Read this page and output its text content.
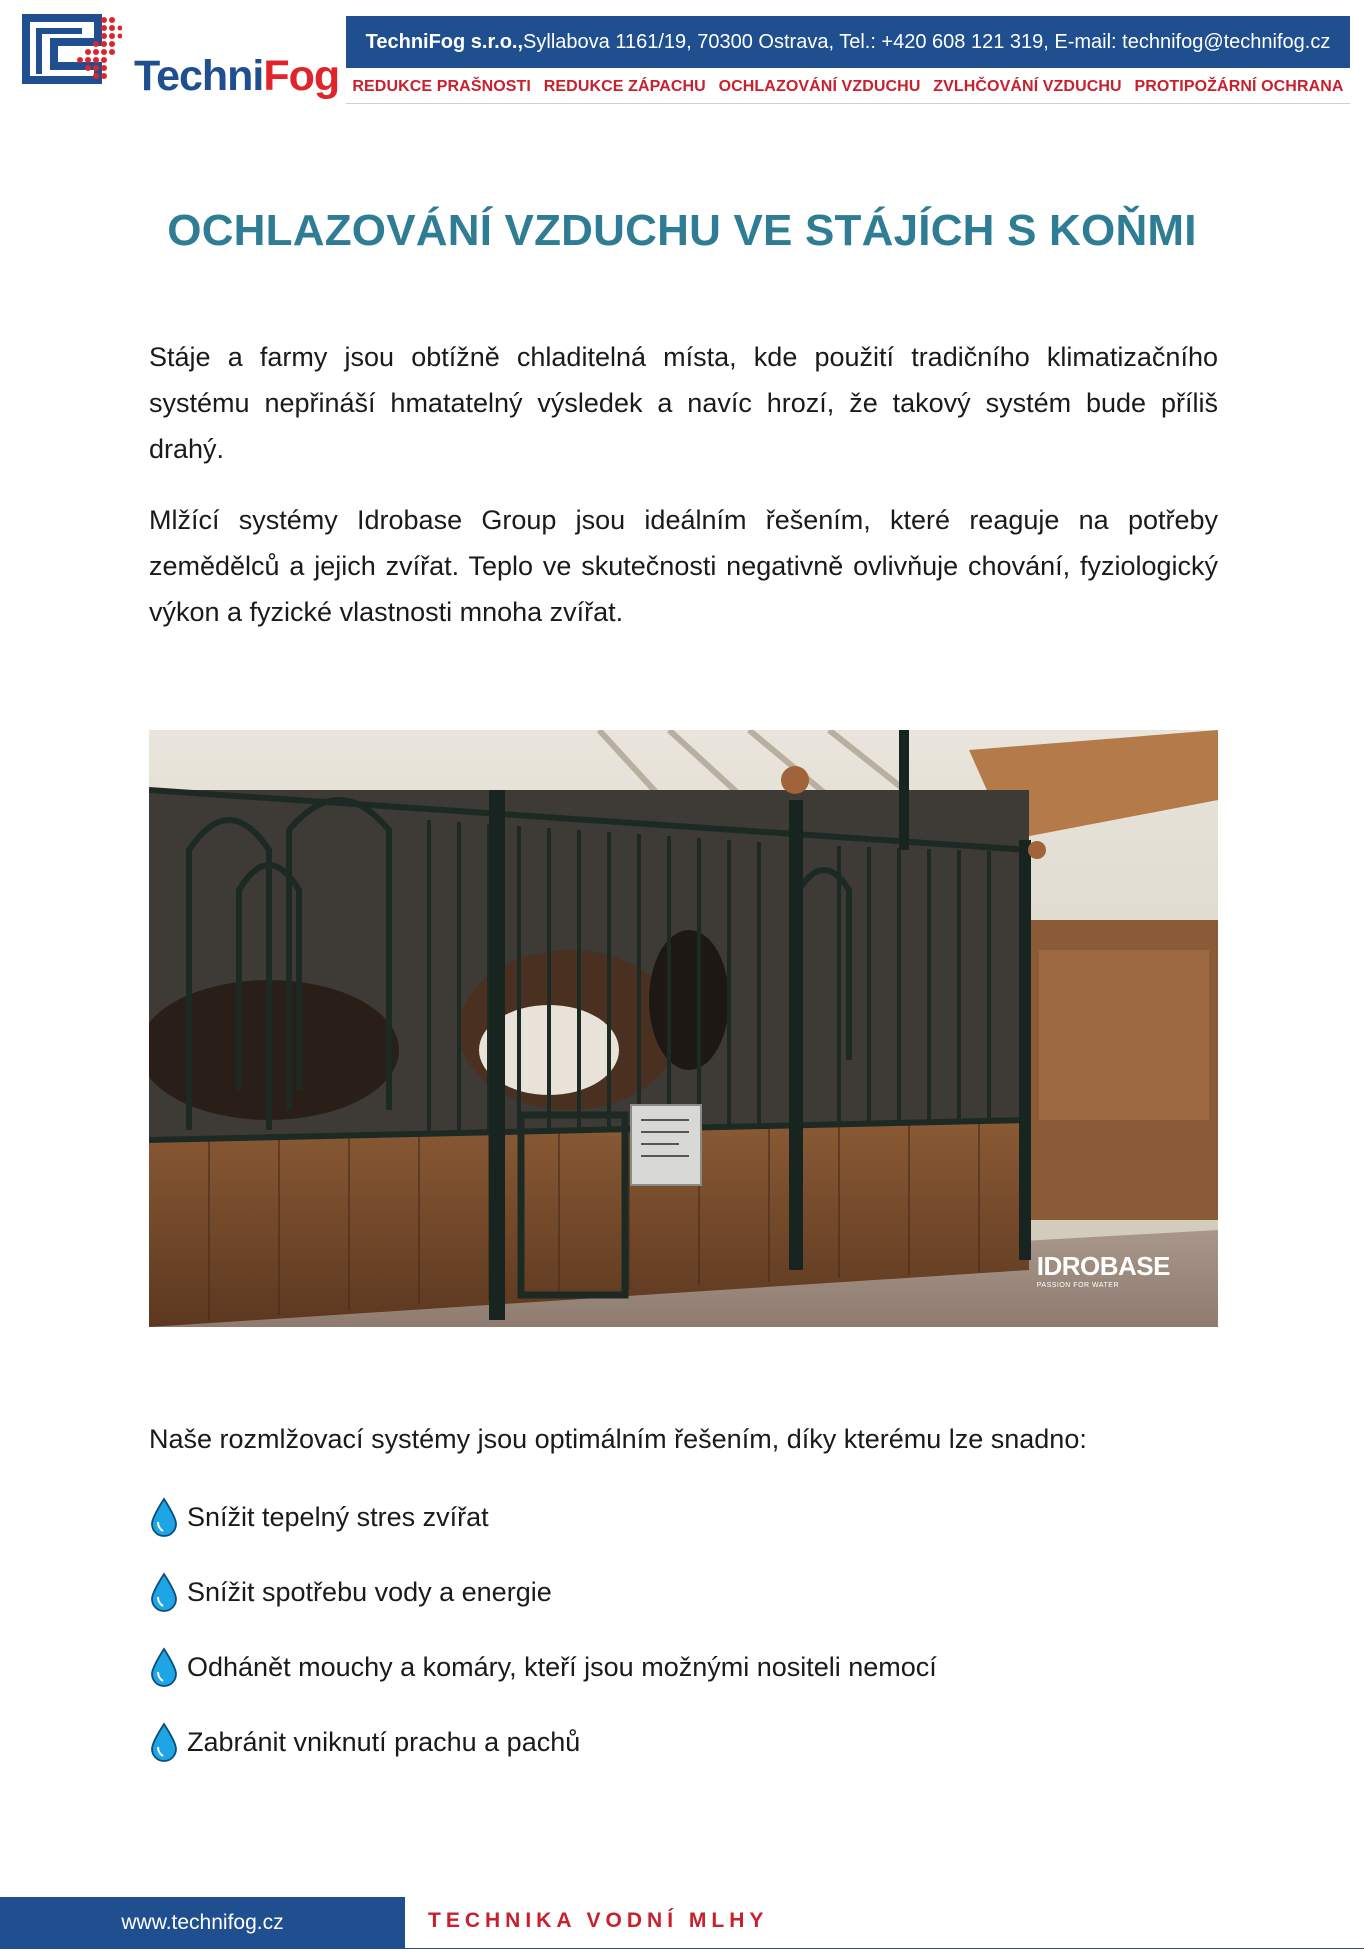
TechniFog
TechniFog s.r.o., Syllabova 1161/19, 70300 Ostrava, Tel.: +420 608 121 319, E-mail: technifog@technifog.cz
REDUKCE PRAŠNOSTI REDUKCE ZÁPACHU OCHLAZOVÁNÍ VZDUCHU ZVLHČOVÁNÍ VZDUCHU PROTIPOŽÁRNÍ OCHRANA
OCHLAZOVÁNÍ VZDUCHU VE STÁJÍCH S KOŇMI

Stáje a farmy jsou obtížně chladitelná místa, kde použití tradičního klimatizačního systému nepřináší hmatatelný výsledek a navíc hrozí, že takový systém bude příliš drahý.

Mlžící systémy Idrobase Group jsou ideálním řešením, které reaguje na potřeby zemědělců a jejich zvířat. Teplo ve skutečnosti negativně ovlivňuje chování, fyziologický výkon a fyzické vlastnosti mnoha zvířat.

IDROBASE
PASSION FOR WATER
Naše rozmlžovací systémy jsou optimálním řešením, díky kterému lze snadno:
Snížit tepelný stres zvířat
Snížit spotřebu vody a energie
Odhánět mouchy a komáry, kteří jsou možnými nositeli nemocí
Zabránit vniknutí prachu a pachů
www.technifog.cz	TECHNIKA VODNÍ MLHY
